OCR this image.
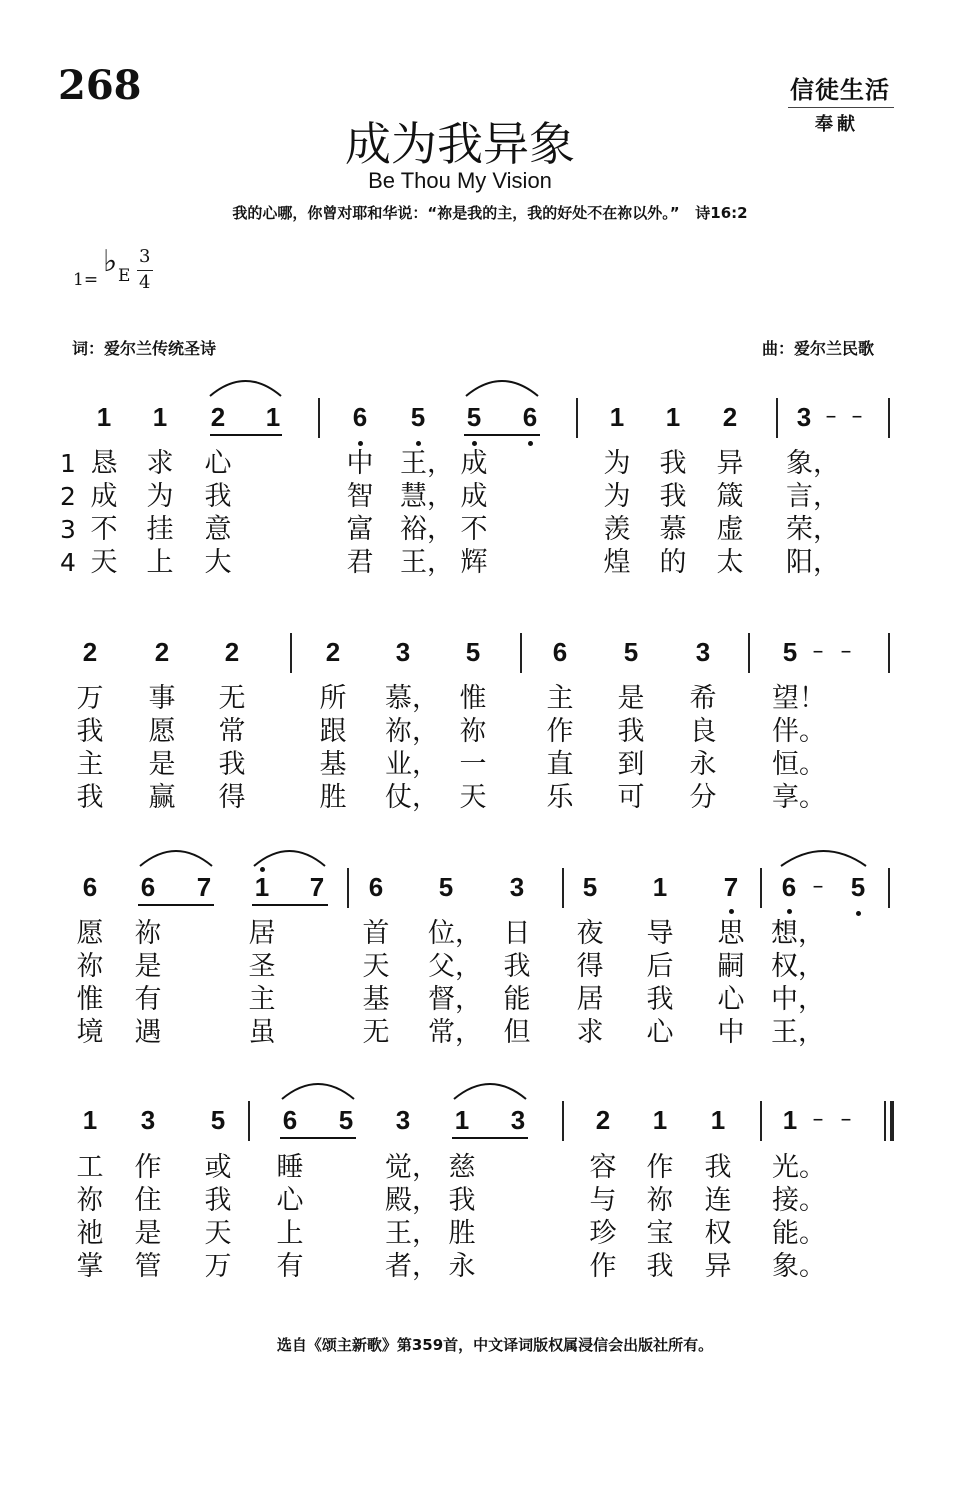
268	信徒生活
奉献
成为我异象
Be Thou My Vision
我的心哪，你曾对耶和华说：“祢是我的主，我的好处不在祢以外。”   诗16:2
1=
♭ E
3
4
词：爱尔兰传统圣诗	曲：爱尔兰民歌
1 1 2 1	6 5 5 6	1 1 2 3 – –
1 恳 求 心	中 王， 成	为 我 异 象，
2 成 为 我	智 慧， 成	为 我 箴 言，
3 不 挂 意	富 裕， 不	羡 慕 虚 荣，
4 天 上 大	君 王， 辉	煌 的 太 阳，
2 2 2	2 3 5	6 5 3	5 – –
万 事 无	所 慕， 惟 主 是 希 望！
我 愿 常	跟 祢， 祢 作 我 良 伴。
主 是 我	基 业， 一 直 到 永 恒。
我 赢 得	胜 仗， 天 乐 可 分 享。
6 6 7 1 7 6 5 3 5 1 7 6 – 5
愿 祢	居	首 位， 日 夜 导 思 想，
祢 是	圣	天 父， 我 得 后 嗣 权，
惟 有	主	基 督， 能 居 我 心 中，
境 遇	虽	无 常， 但 求 心 中 王，
1 3 5 6 5 3 1 3	2 1 1 1 – –
工 作 或 睡	觉， 慈	容 作 我 光。
祢 住 我 心	殿， 我	与 祢 连 接。
祂 是 天 上	王， 胜	珍 宝 权 能。
掌 管 万 有	者， 永	作 我 异 象。
选自《颂主新歌》第359首，中文译词版权属浸信会出版社所有。
